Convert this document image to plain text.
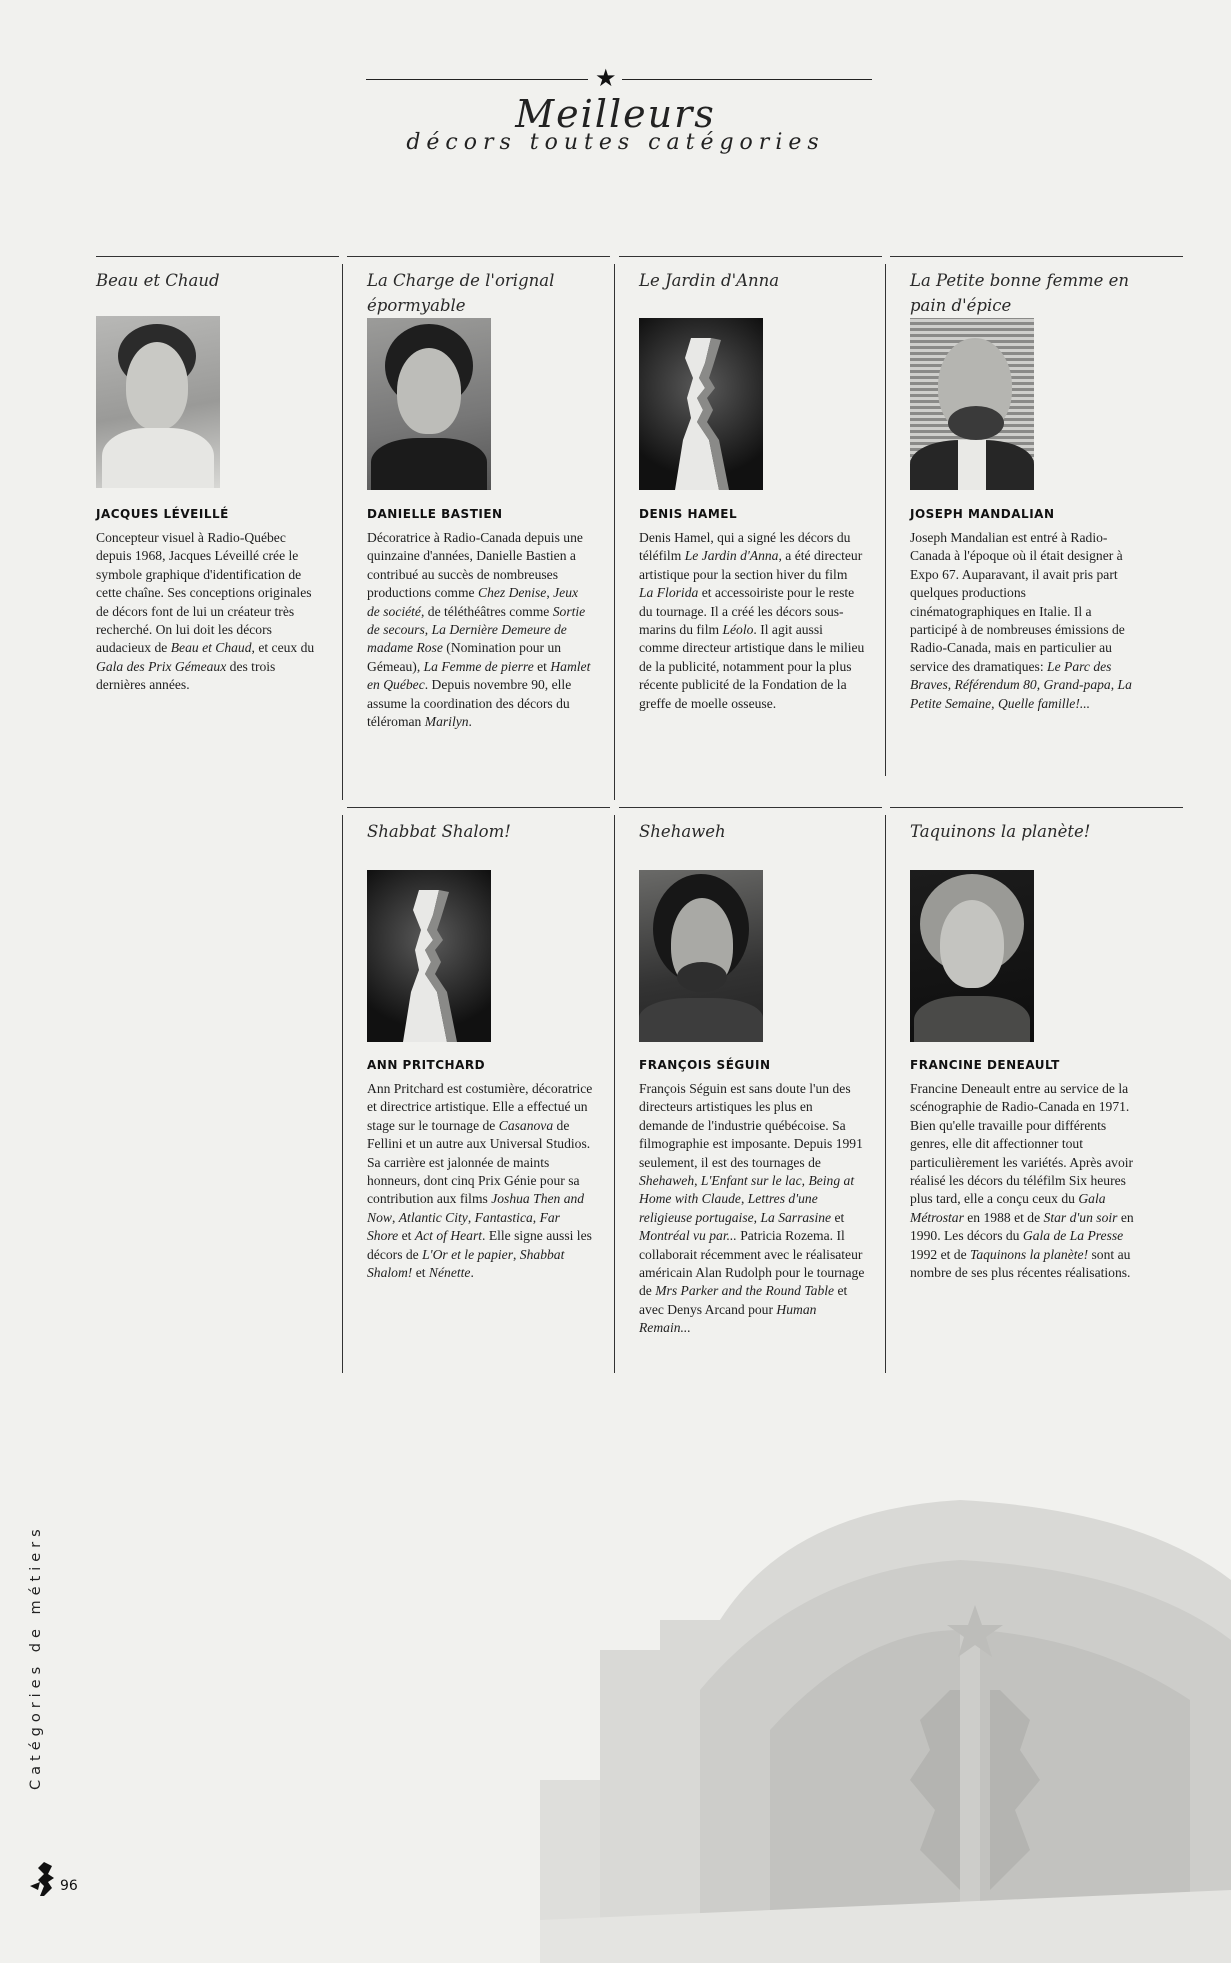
★
Meilleurs
décors toutes catégories
Beau et Chaud
JACQUES LÉVEILLÉ
Concepteur visuel à Radio-Québec depuis 1968, Jacques Léveillé crée le symbole graphique d'identification de cette chaîne. Ses conceptions originales de décors font de lui un créateur très recherché. On lui doit les décors audacieux de Beau et Chaud, et ceux du Gala des Prix Gémeaux des trois dernières années.
La Charge de l'orignal épormyable
DANIELLE BASTIEN
Décoratrice à Radio-Canada depuis une quinzaine d'années, Danielle Bastien a contribué au succès de nombreuses productions comme Chez Denise, Jeux de société, de téléthéâtres comme Sortie de secours, La Dernière Demeure de madame Rose (Nomination pour un Gémeau), La Femme de pierre et Hamlet en Québec. Depuis novembre 90, elle assume la coordination des décors du téléroman Marilyn.
Le Jardin d'Anna
DENIS HAMEL
Denis Hamel, qui a signé les décors du téléfilm Le Jardin d'Anna, a été directeur artistique pour la section hiver du film La Florida et accessoiriste pour le reste du tournage. Il a créé les décors sous-marins du film Léolo. Il agit aussi comme directeur artistique dans le milieu de la publicité, notamment pour la plus récente publicité de la Fondation de la greffe de moelle osseuse.
La Petite bonne femme en pain d'épice
JOSEPH MANDALIAN
Joseph Mandalian est entré à Radio-Canada à l'époque où il était designer à Expo 67. Auparavant, il avait pris part quelques productions cinématographiques en Italie. Il a participé à de nombreuses émissions de Radio-Canada, mais en particulier au service des dramatiques: Le Parc des Braves, Référendum 80, Grand-papa, La Petite Semaine, Quelle famille!...
Shabbat Shalom!
ANN PRITCHARD
Ann Pritchard est costumière, décoratrice et directrice artistique. Elle a effectué un stage sur le tournage de Casanova de Fellini et un autre aux Universal Studios. Sa carrière est jalonnée de maints honneurs, dont cinq Prix Génie pour sa contribution aux films Joshua Then and Now, Atlantic City, Fantastica, Far Shore et Act of Heart. Elle signe aussi les décors de L'Or et le papier, Shabbat Shalom! et Nénette.
Shehaweh
FRANÇOIS SÉGUIN
François Séguin est sans doute l'un des directeurs artistiques les plus en demande de l'industrie québécoise. Sa filmographie est imposante. Depuis 1991 seulement, il est des tournages de Shehaweh, L'Enfant sur le lac, Being at Home with Claude, Lettres d'une religieuse portugaise, La Sarrasine et Montréal vu par... Patricia Rozema. Il collaborait récemment avec le réalisateur américain Alan Rudolph pour le tournage de Mrs Parker and the Round Table et avec Denys Arcand pour Human Remain...
Taquinons la planète!
FRANCINE DENEAULT
Francine Deneault entre au service de la scénographie de Radio-Canada en 1971. Bien qu'elle travaille pour différents genres, elle dit affectionner tout particulièrement les variétés. Après avoir réalisé les décors du téléfilm Six heures plus tard, elle a conçu ceux du Gala Métrostar en 1988 et de Star d'un soir en 1990. Les décors du Gala de La Presse 1992 et de Taquinons la planète! sont au nombre de ses plus récentes réalisations.
Catégories de métiers
96
